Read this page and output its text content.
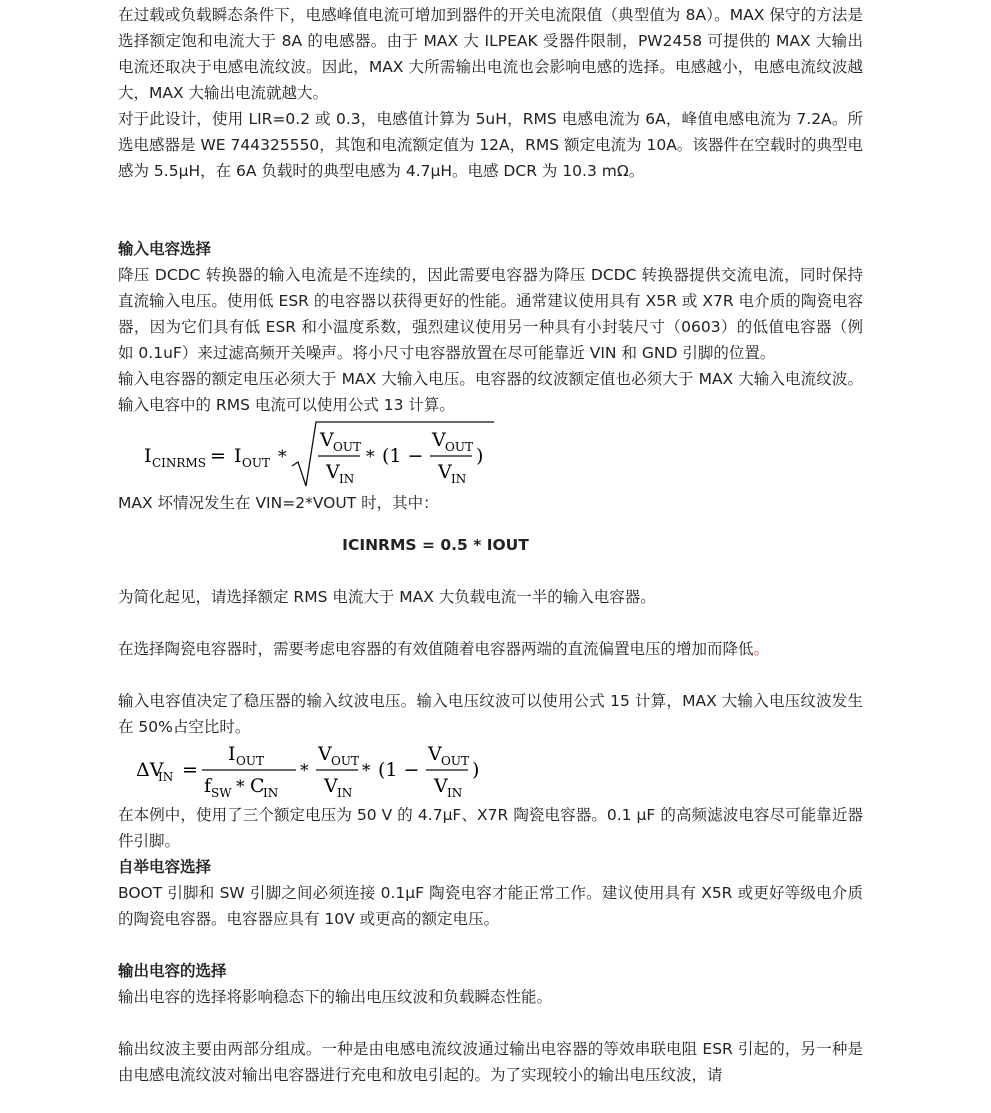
在过载或负载瞬态条件下，电感峰值电流可增加到器件的开关电流限值（典型值为 8A）。MAX 保守的方法是选择额定饱和电流大于 8A 的电感器。由于 MAX 大 ILPEAK 受器件限制，PW2458 可提供的 MAX 大输出电流还取决于电感电流纹波。因此，MAX 大所需输出电流也会影响电感的选择。电感越小，电感电流纹波越大，MAX 大输出电流就越大。

对于此设计，使用 LIR=0.2 或 0.3，电感值计算为 5uH，RMS 电感电流为 6A，峰值电感电流为 7.2A。所选电感器是 WE 744325550，其饱和电流额定值为 12A，RMS 额定电流为 10A。该器件在空载时的典型电感为 5.5μH，在 6A 负载时的典型电感为 4.7μH。电感 DCR 为 10.3 mΩ。

输入电容选择

降压 DCDC 转换器的输入电流是不连续的，因此需要电容器为降压 DCDC 转换器提供交流电流，同时保持直流输入电压。使用低 ESR 的电容器以获得更好的性能。通常建议使用具有 X5R 或 X7R 电介质的陶瓷电容器，因为它们具有低 ESR 和小温度系数，强烈建议使用另一种具有小封装尺寸（0603）的低值电容器（例如 0.1uF）来过滤高频开关噪声。将小尺寸电容器放置在尽可能靠近 VIN 和 GND 引脚的位置。

输入电容器的额定电压必须大于 MAX 大输入电压。电容器的纹波额定值也必须大于 MAX 大输入电流纹波。输入电容中的 RMS 电流可以使用公式 13 计算。

I CINRMS = I OUT *
V OUT
V IN
* (1 −
V OUT
V IN
)

MAX 坏情况发生在 VIN=2*VOUT 时，其中：

ICINRMS = 0.5 * IOUT

为简化起见，请选择额定 RMS 电流大于 MAX 大负载电流一半的输入电容器。

在选择陶瓷电容器时，需要考虑电容器的有效值随着电容器两端的直流偏置电压的增加而降低。

输入电容值决定了稳压器的输入纹波电压。输入电压纹波可以使用公式 15 计算，MAX 大输入电压纹波发生在 50%占空比时。

ΔV
IN =
I OUT
f SW * C
IN
*
V OUT
V IN
* (1 −
V OUT
V IN
)

在本例中，使用了三个额定电压为 50 V 的 4.7μF、X7R 陶瓷电容器。0.1 μF 的高频滤波电容尽可能靠近器件引脚。

自举电容选择

BOOT 引脚和 SW 引脚之间必须连接 0.1μF 陶瓷电容才能正常工作。建议使用具有 X5R 或更好等级电介质的陶瓷电容器。电容器应具有 10V 或更高的额定电压。

输出电容的选择

输出电容的选择将影响稳态下的输出电压纹波和负载瞬态性能。

输出纹波主要由两部分组成。一种是由电感电流纹波通过输出电容器的等效串联电阻 ESR 引起的，另一种是由电感电流纹波对输出电容器进行充电和放电引起的。为了实现较小的输出电压纹波，请
